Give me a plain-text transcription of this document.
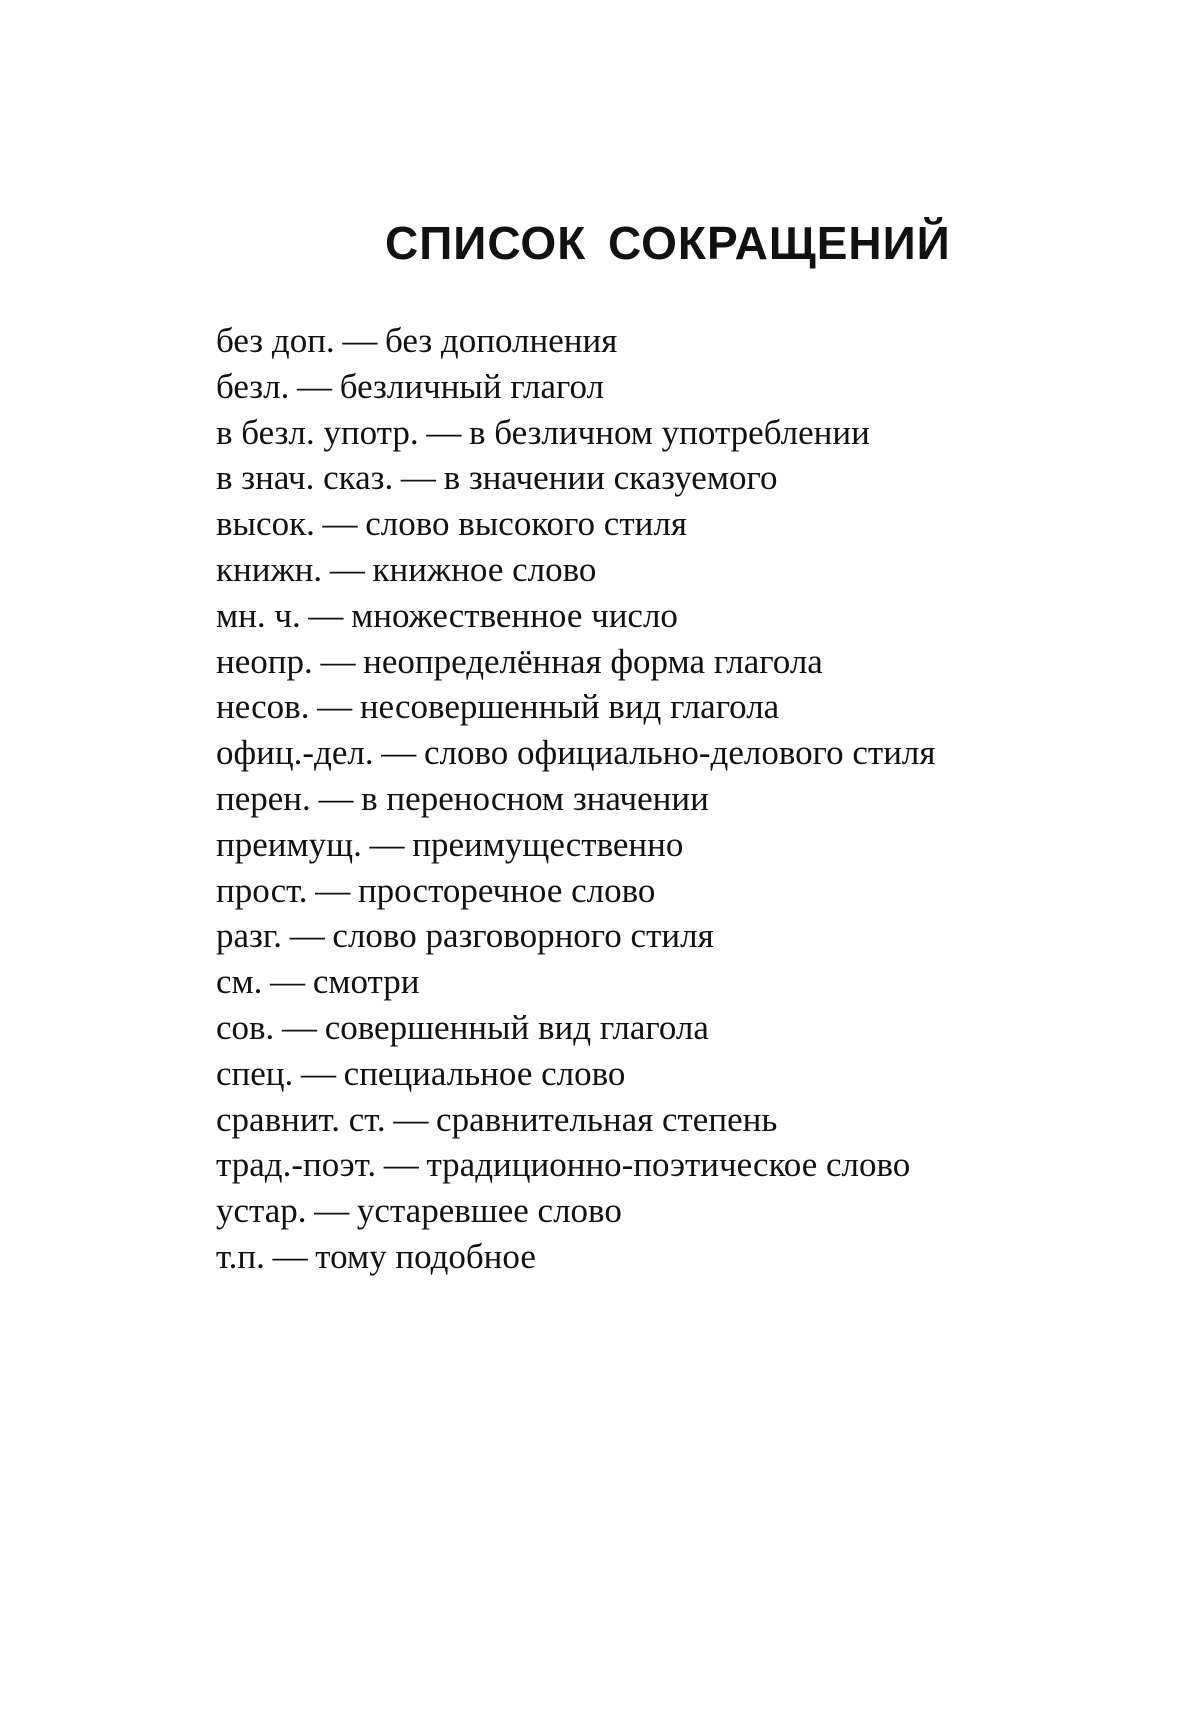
СПИСОК СОКРАЩЕНИЙ
без доп. — без дополнения
безл. — безличный глагол
в безл. употр. — в безличном употреблении
в знач. сказ. — в значении сказуемого
высок. — слово высокого стиля
книжн. — книжное слово
мн. ч. — множественное число
неопр. — неопределённая форма глагола
несов. — несовершенный вид глагола
офиц.-дел. — слово официально-делового стиля
перен. — в переносном значении
преимущ. — преимущественно
прост. — просторечное слово
разг. — слово разговорного стиля
см. — смотри
сов. — совершенный вид глагола
спец. — специальное слово
сравнит. ст. — сравнительная степень
трад.-поэт. — традиционно-поэтическое слово
устар. — устаревшее слово
т.п. — тому подобное
